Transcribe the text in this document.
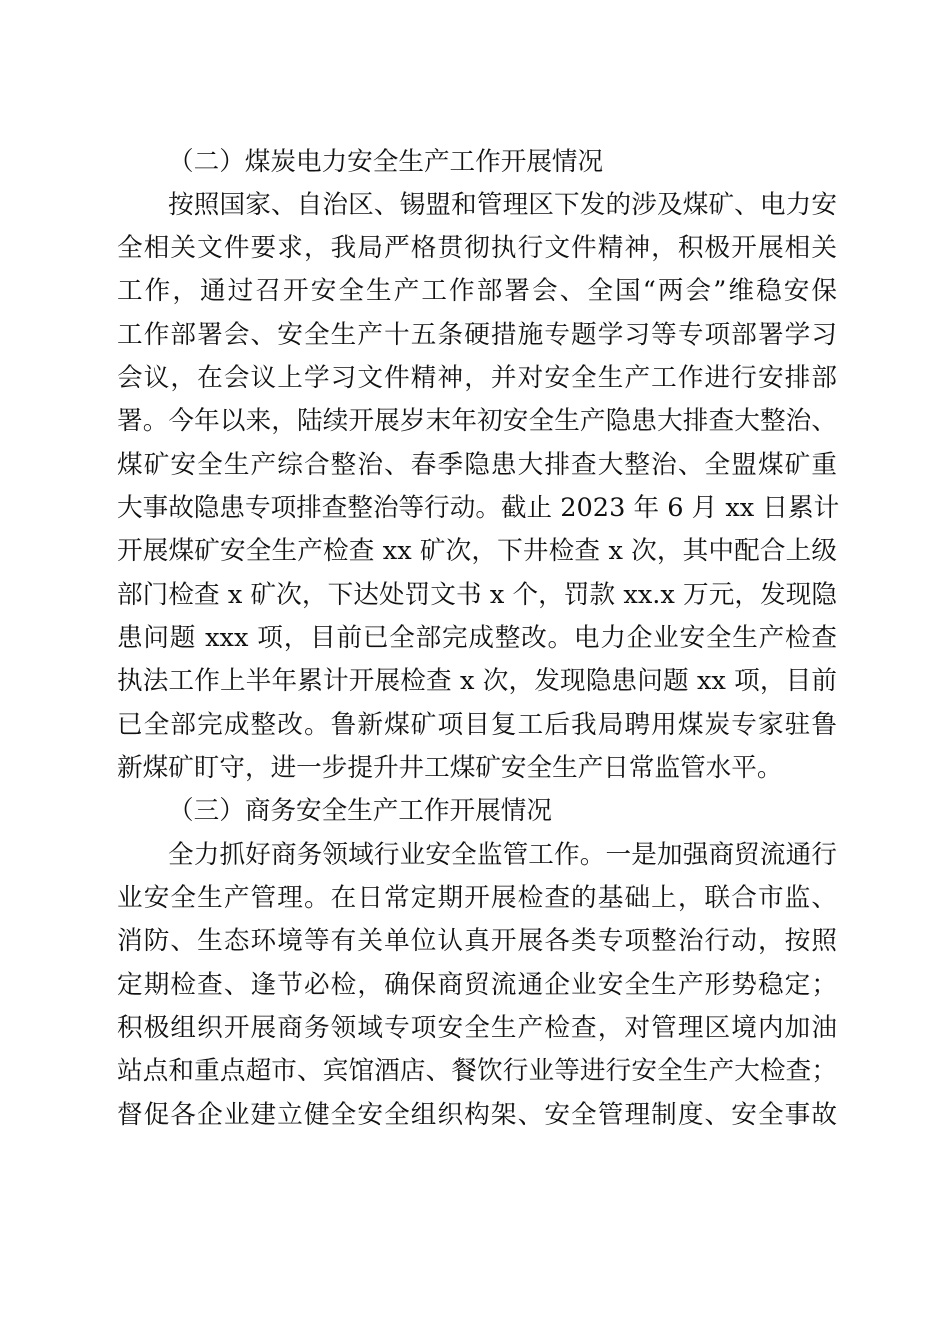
（二）煤炭电力安全生产工作开展情况
按照国家、自治区、锡盟和管理区下发的涉及煤矿、电力安
全相关文件要求，我局严格贯彻执行文件精神，积极开展相关
工作，通过召开安全生产工作部署会、全国“两会”维稳安保
工作部署会、安全生产十五条硬措施专题学习等专项部署学习
会议，在会议上学习文件精神，并对安全生产工作进行安排部
署。今年以来，陆续开展岁末年初安全生产隐患大排查大整治、
煤矿安全生产综合整治、春季隐患大排查大整治、全盟煤矿重
大事故隐患专项排查整治等行动。截止 2023 年 6 月 xx 日累计
开展煤矿安全生产检查 xx 矿次，下井检查 x 次，其中配合上级
部门检查 x 矿次，下达处罚文书 x 个，罚款 xx.x 万元，发现隐
患问题 xxx 项，目前已全部完成整改。电力企业安全生产检查
执法工作上半年累计开展检查 x 次，发现隐患问题 xx 项，目前
已全部完成整改。鲁新煤矿项目复工后我局聘用煤炭专家驻鲁
新煤矿盯守，进一步提升井工煤矿安全生产日常监管水平。
（三）商务安全生产工作开展情况
全力抓好商务领域行业安全监管工作。一是加强商贸流通行
业安全生产管理。在日常定期开展检查的基础上，联合市监、
消防、生态环境等有关单位认真开展各类专项整治行动，按照
定期检查、逢节必检，确保商贸流通企业安全生产形势稳定；
积极组织开展商务领域专项安全生产检查，对管理区境内加油
站点和重点超市、宾馆酒店、餐饮行业等进行安全生产大检查；
督促各企业建立健全安全组织构架、安全管理制度、安全事故
